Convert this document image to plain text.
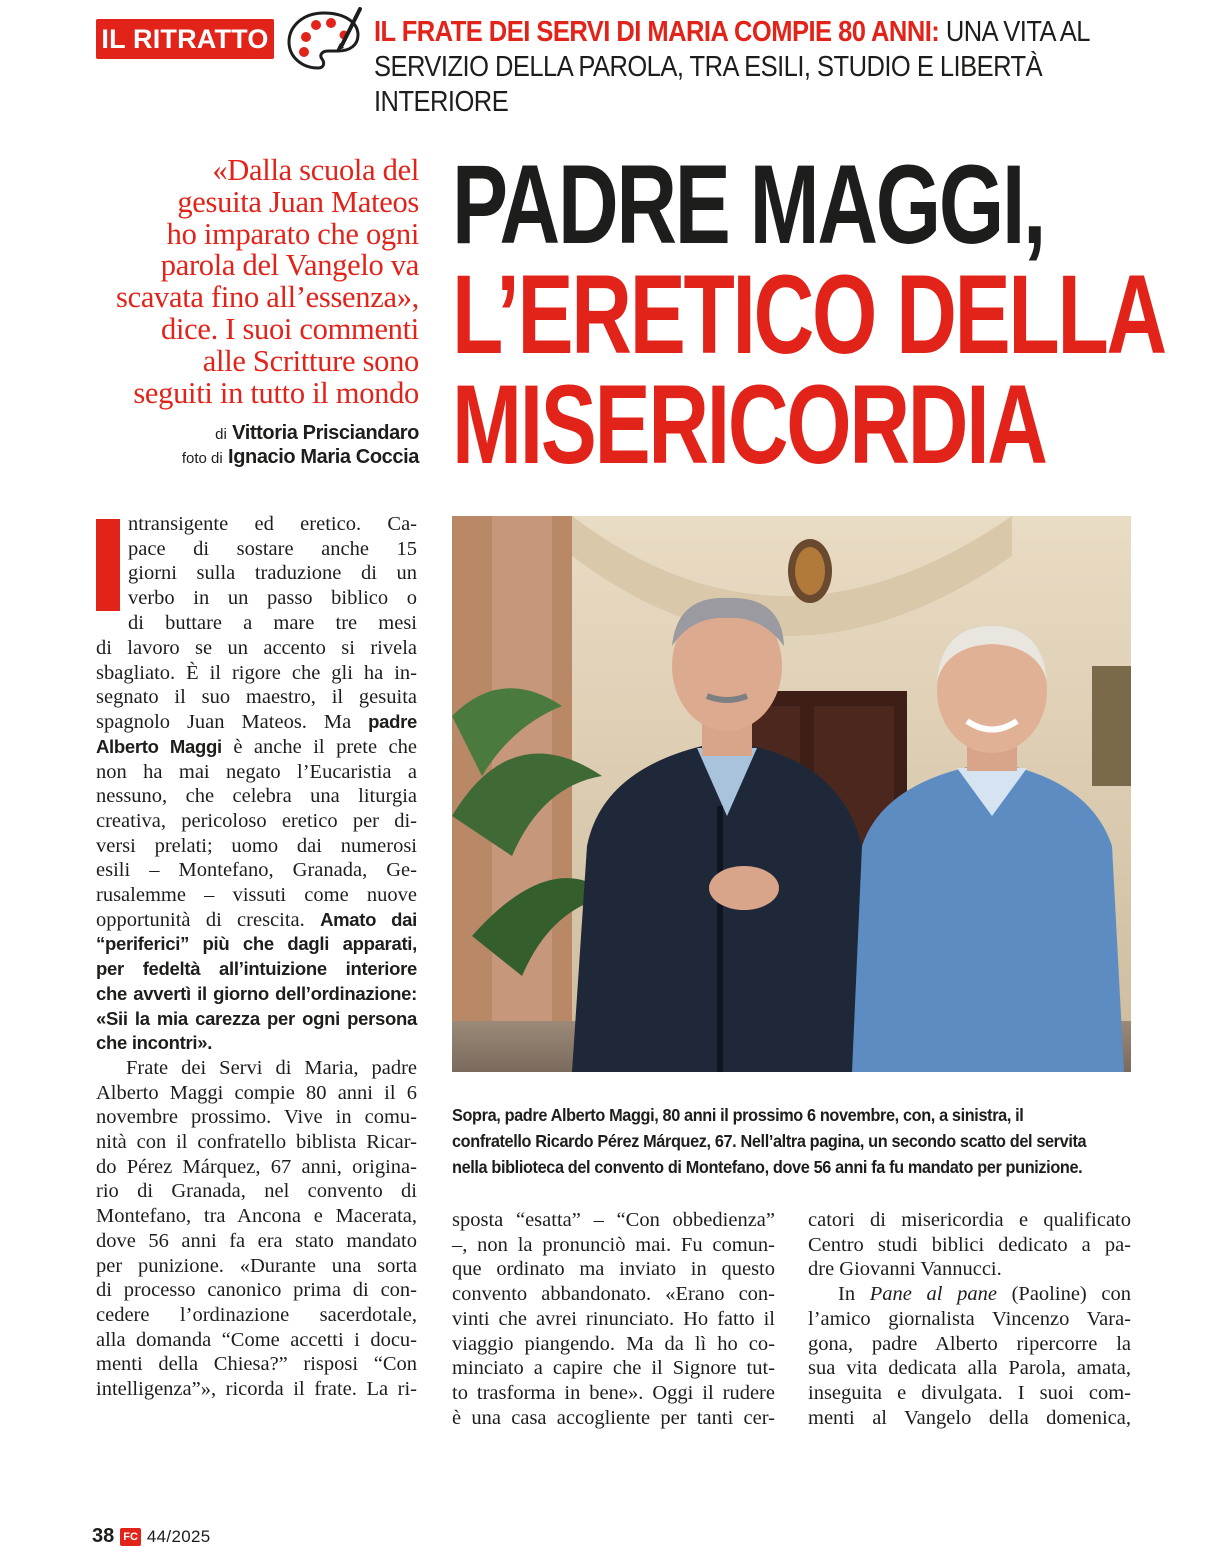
IL RITRATTO	IL FRATE DEI SERVI DI MARIA COMPIE 80 ANNI: UNA VITA AL
SERVIZIO DELLA PAROLA, TRA ESILI, STUDIO E LIBERTÀ INTERIORE
«Dalla scuola del
gesuita Juan Mateos
ho imparato che ogni
parola del Vangelo va
scavata fino all’essenza»,
dice. I suoi commenti
alle Scritture sono
seguiti in tutto il mondo
di Vittoria Prisciandaro
foto di Ignacio Maria Coccia
PADRE MAGGI,
L’ERETICO DELLA
MISERICORDIA
Sopra, padre Alberto Maggi, 80 anni il prossimo 6 novembre, con, a sinistra, il
confratello Ricardo Pérez Márquez, 67. Nell’altra pagina, un secondo scatto del servita
nella biblioteca del convento di Montefano, dove 56 anni fa fu mandato per punizione.
ntransigente ed eretico. Ca-
pace di sostare anche 15
giorni sulla traduzione di un
verbo in un passo biblico o
di buttare a mare tre mesi
di lavoro se un accento si rivela
sbagliato. È il rigore che gli ha in-
segnato il suo maestro, il gesuita
spagnolo Juan Mateos. Ma padre
Alberto Maggi è anche il prete che
non ha mai negato l’Eucaristia a
nessuno, che celebra una liturgia
creativa, pericoloso eretico per di-
versi prelati; uomo dai numerosi
esili – Montefano, Granada, Ge-
rusalemme – vissuti come nuove
opportunità di crescita. Amato dai
“periferici” più che dagli apparati,
per fedeltà all’intuizione interiore
che avvertì il giorno dell’ordinazione:
«Sii la mia carezza per ogni persona
che incontri».
Frate dei Servi di Maria, padre
Alberto Maggi compie 80 anni il 6
novembre prossimo. Vive in comu-
nità con il confratello biblista Ricar-
do Pérez Márquez, 67 anni, origina-
rio di Granada, nel convento di
Montefano, tra Ancona e Macerata,
dove 56 anni fa era stato mandato
per punizione. «Durante una sorta
di processo canonico prima di con-
cedere l’ordinazione sacerdotale,
alla domanda “Come accetti i docu-
menti della Chiesa?” risposi “Con
intelligenza”», ricorda il frate. La ri-
sposta “esatta” – “Con obbedienza”
–, non la pronunciò mai. Fu comun-
que ordinato ma inviato in questo
convento abbandonato. «Erano con-
vinti che avrei rinunciato. Ho fatto il
viaggio piangendo. Ma da lì ho co-
minciato a capire che il Signore tut-
to trasforma in bene». Oggi il rudere
è una casa accogliente per tanti cer-
catori di misericordia e qualificato
Centro studi biblici dedicato a pa-
dre Giovanni Vannucci.
In Pane al pane (Paoline) con
l’amico giornalista Vincenzo Vara-
gona, padre Alberto ripercorre la
sua vita dedicata alla Parola, amata,
inseguita e divulgata. I suoi com-
menti al Vangelo della domenica,
38 FC 44/2025
